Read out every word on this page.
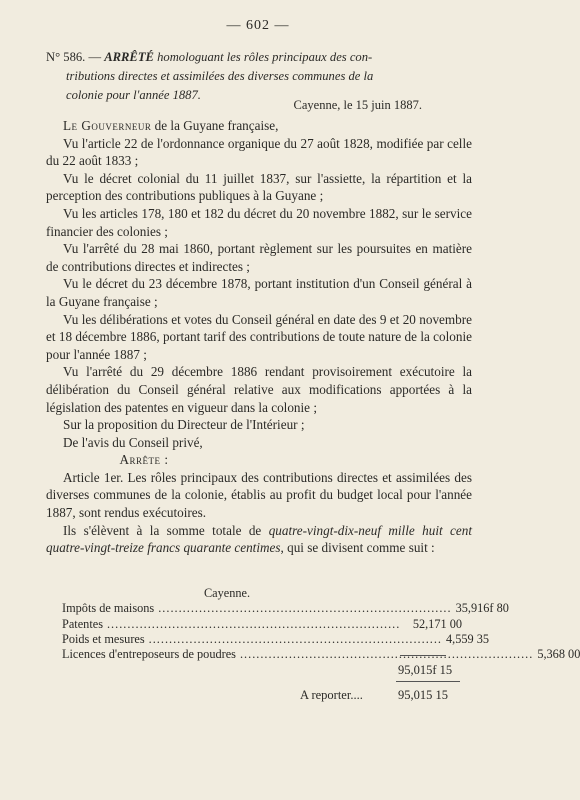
— 602 —
N° 586. — ARRÊTÉ homologuant les rôles principaux des con-
tributions directes et assimilées des diverses communes de la
colonie pour l'année 1887.
Cayenne, le 15 juin 1887.

Le Gouverneur de la Guyane française,

Vu l'article 22 de l'ordonnance organique du 27 août 1828, modifiée par celle du 22 août 1833 ;

Vu le décret colonial du 11 juillet 1837, sur l'assiette, la répartition et la perception des contributions publiques à la Guyane ;

Vu les articles 178, 180 et 182 du décret du 20 novembre 1882, sur le service financier des colonies ;

Vu l'arrêté du 28 mai 1860, portant règlement sur les poursuites en matière de contributions directes et indirectes ;

Vu le décret du 23 décembre 1878, portant institution d'un Conseil général à la Guyane française ;

Vu les délibérations et votes du Conseil général en date des 9 et 20 novembre et 18 décembre 1886, portant tarif des contributions de toute nature de la colonie pour l'année 1887 ;

Vu l'arrêté du 29 décembre 1886 rendant provisoirement exécutoire la délibération du Conseil général relative aux modifications apportées à la législation des patentes en vigueur dans la colonie ;

Sur la proposition du Directeur de l'Intérieur ;

De l'avis du Conseil privé,

Arrête :

Article 1er. Les rôles principaux des contributions directes et assimilées des diverses communes de la colonie, établis au profit du budget local pour l'année 1887, sont rendus exécutoires.

Ils s'élèvent à la somme totale de quatre-vingt-dix-neuf mille huit cent quatre-vingt-treize francs quarante centimes, qui se divisent comme suit :

Cayenne.
Impôts de maisons ........................................................................ 35,916f 80
Patentes ........................................................................	52,171 00
Poids et mesures ........................................................................ 4,559 35
Licences d'entreposeurs de poudres ........................................................................ 5,368 00
95,015f 15
A reporter....	95,015 15
